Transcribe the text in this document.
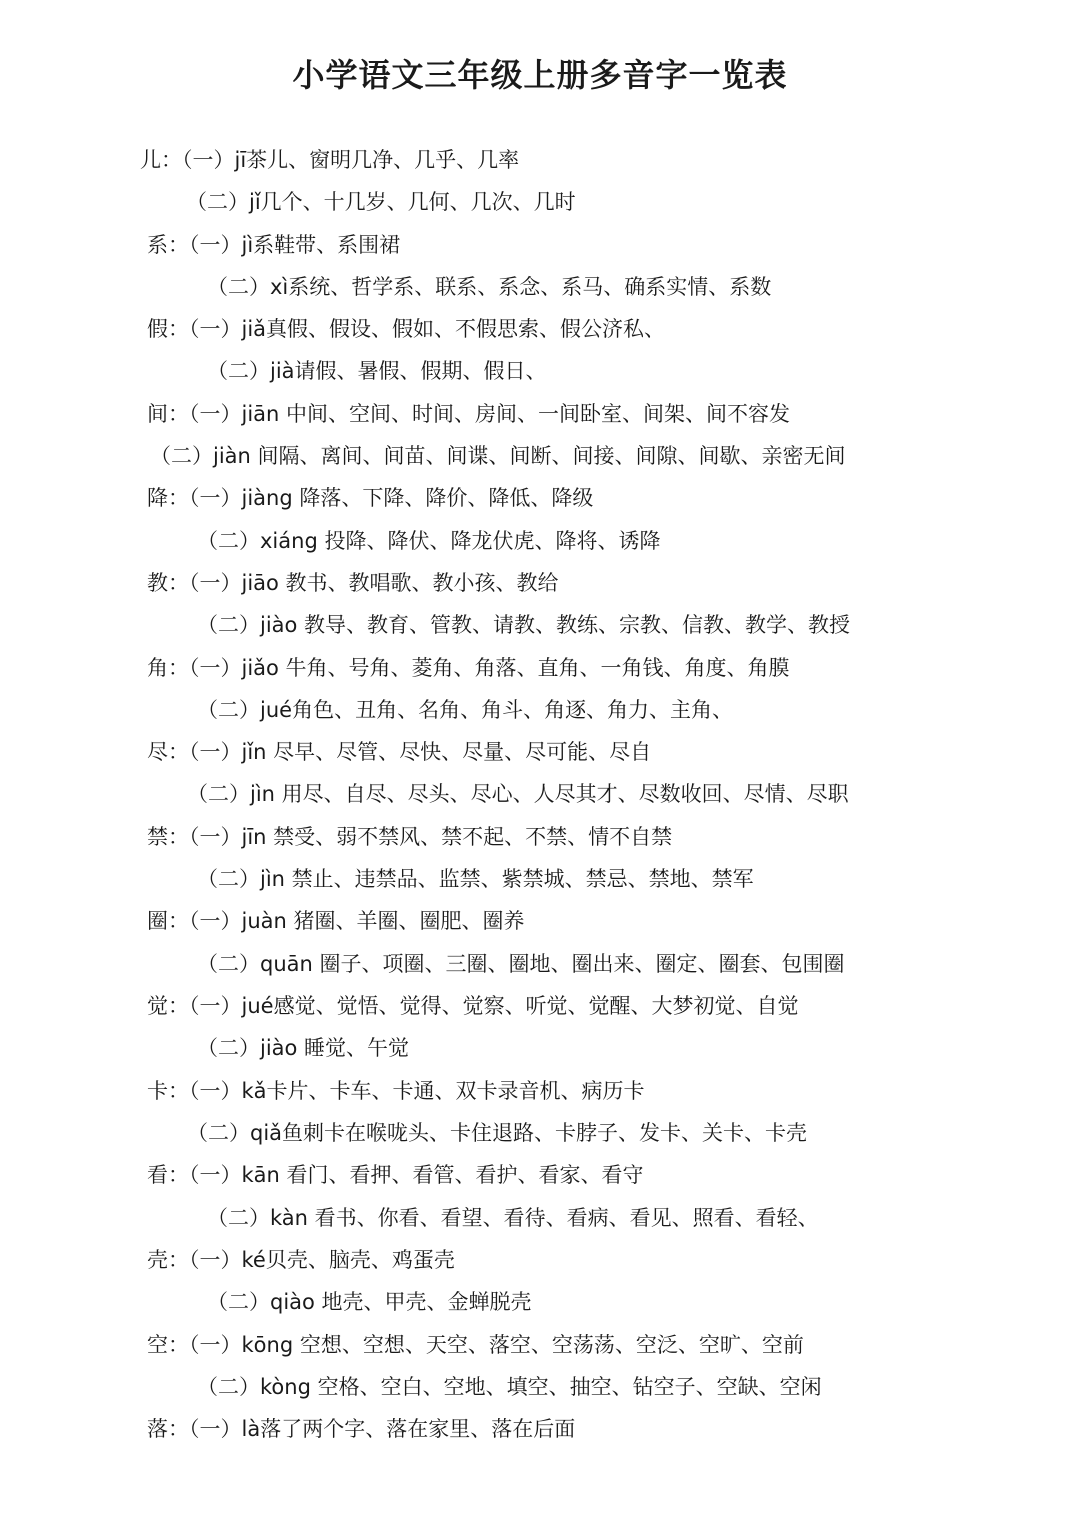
小学语文三年级上册多音字一览表
儿：（一）jī茶儿、窗明几净、几乎、几率
（二）jǐ几个、十几岁、几何、几次、几时
系：（一）jì系鞋带、系围裙
（二）xì系统、哲学系、联系、系念、系马、确系实情、系数
假：（一）jiǎ真假、假设、假如、不假思索、假公济私、
（二）jià请假、暑假、假期、假日、
间：（一）jiān 中间、空间、时间、房间、一间卧室、间架、间不容发
（二）jiàn 间隔、离间、间苗、间谍、间断、间接、间隙、间歇、亲密无间
降：（一）jiàng 降落、下降、降价、降低、降级
（二）xiáng 投降、降伏、降龙伏虎、降将、诱降
教：（一）jiāo 教书、教唱歌、教小孩、教给
（二）jiào 教导、教育、管教、请教、教练、宗教、信教、教学、教授
角：（一）jiǎo 牛角、号角、菱角、角落、直角、一角钱、角度、角膜
（二）jué角色、丑角、名角、角斗、角逐、角力、主角、
尽：（一）jǐn 尽早、尽管、尽快、尽量、尽可能、尽自
（二）jìn 用尽、自尽、尽头、尽心、人尽其才、尽数收回、尽情、尽职
禁：（一）jīn 禁受、弱不禁风、禁不起、不禁、情不自禁
（二）jìn 禁止、违禁品、监禁、紫禁城、禁忌、禁地、禁军
圈：（一）juàn 猪圈、羊圈、圈肥、圈养
（二）quān 圈子、项圈、三圈、圈地、圈出来、圈定、圈套、包围圈
觉：（一）jué感觉、觉悟、觉得、觉察、听觉、觉醒、大梦初觉、自觉
（二）jiào 睡觉、午觉
卡：（一）kǎ卡片、卡车、卡通、双卡录音机、病历卡
（二）qiǎ鱼刺卡在喉咙头、卡住退路、卡脖子、发卡、关卡、卡壳
看：（一）kān 看门、看押、看管、看护、看家、看守
（二）kàn 看书、你看、看望、看待、看病、看见、照看、看轻、
壳：（一）ké贝壳、脑壳、鸡蛋壳
（二）qiào 地壳、甲壳、金蝉脱壳
空：（一）kōng 空想、空想、天空、落空、空荡荡、空泛、空旷、空前
（二）kòng 空格、空白、空地、填空、抽空、钻空子、空缺、空闲
落：（一）là落了两个字、落在家里、落在后面
